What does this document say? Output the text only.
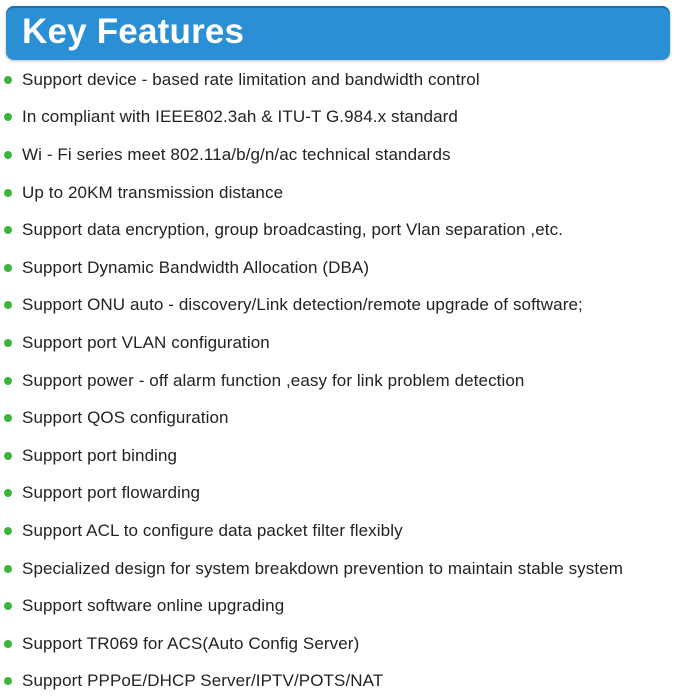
Key Features
Support device - based rate limitation and bandwidth control
In compliant with IEEE802.3ah & ITU-T G.984.x standard
Wi - Fi series meet 802.11a/b/g/n/ac technical standards
Up to 20KM transmission distance
Support data encryption, group broadcasting, port Vlan separation ,etc.
Support Dynamic Bandwidth Allocation (DBA)
Support ONU auto - discovery/Link detection/remote upgrade of software;
Support port VLAN configuration
Support power - off alarm function ,easy for link problem detection
Support QOS configuration
Support port binding
Support port flowarding
Support ACL to configure data packet filter flexibly
Specialized design for system breakdown prevention to maintain stable system
Support software online upgrading
Support TR069 for ACS(Auto Config Server)
Support PPPoE/DHCP Server/IPTV/POTS/NAT
